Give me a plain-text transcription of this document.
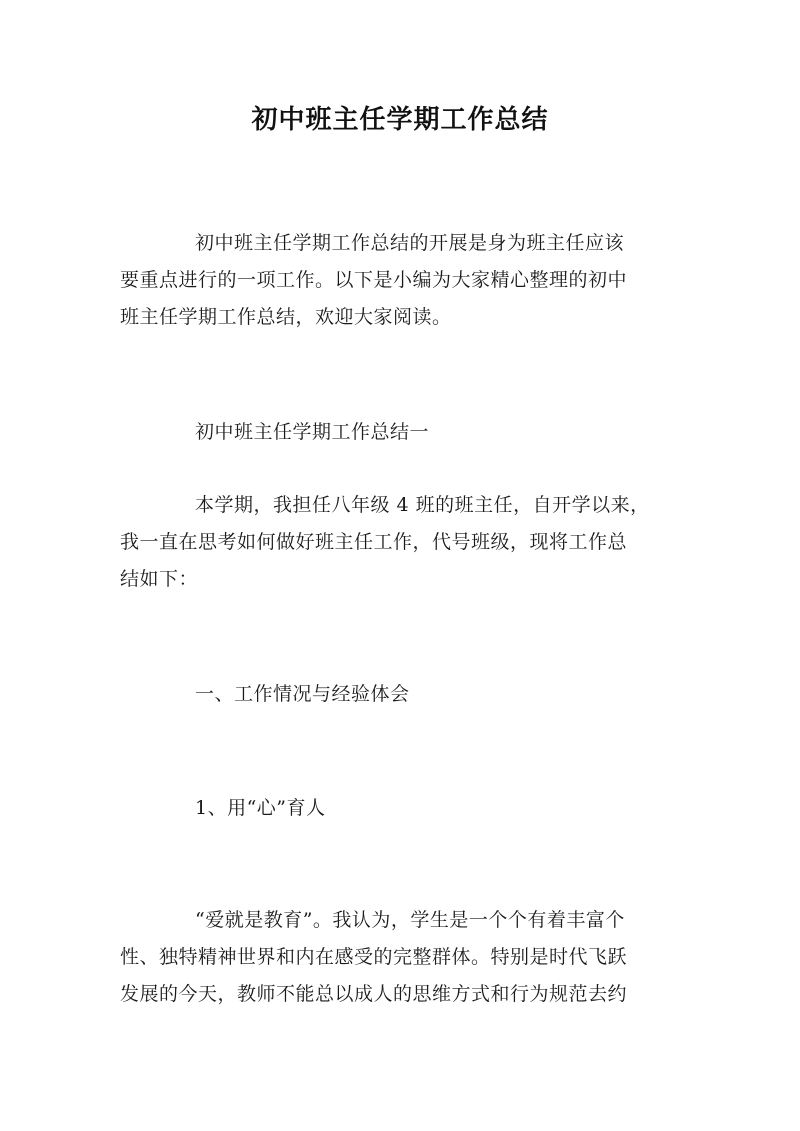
初中班主任学期工作总结
初中班主任学期工作总结的开展是身为班主任应该
要重点进行的一项工作。以下是小编为大家精心整理的初中
班主任学期工作总结，欢迎大家阅读。
初中班主任学期工作总结一
本学期，我担任八年级 4 班的班主任，自开学以来，
我一直在思考如何做好班主任工作，代号班级，现将工作总
结如下：
一、工作情况与经验体会
1、用“心”育人
“爱就是教育”。我认为，学生是一个个有着丰富个
性、独特精神世界和内在感受的完整群体。特别是时代飞跃
发展的今天，教师不能总以成人的思维方式和行为规范去约
